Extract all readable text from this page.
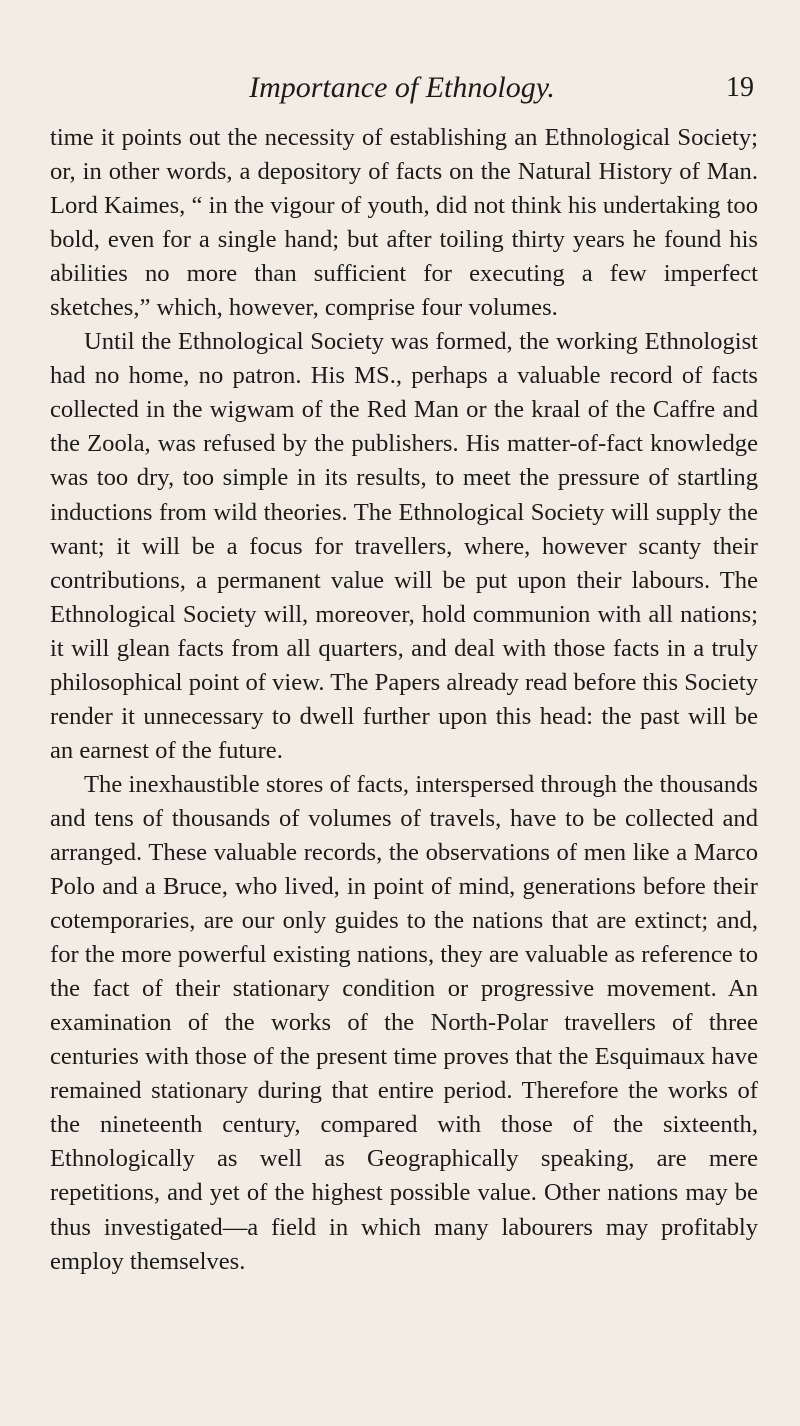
Importance of Ethnology.	19

time it points out the necessity of establishing an Ethnological Society; or, in other words, a depository of facts on the Natural History of Man. Lord Kaimes, “ in the vigour of youth, did not think his undertaking too bold, even for a single hand; but after toiling thirty years he found his abilities no more than sufficient for executing a few imperfect sketches,” which, however, comprise four volumes.

Until the Ethnological Society was formed, the working Ethnologist had no home, no patron. His MS., perhaps a valuable record of facts collected in the wigwam of the Red Man or the kraal of the Caffre and the Zoola, was refused by the publishers. His matter-of-fact knowledge was too dry, too simple in its results, to meet the pressure of startling inductions from wild theories. The Ethnological Society will supply the want; it will be a focus for travellers, where, however scanty their contributions, a permanent value will be put upon their labours. The Ethnological Society will, moreover, hold communion with all nations; it will glean facts from all quarters, and deal with those facts in a truly philosophical point of view. The Papers already read before this Society render it unnecessary to dwell further upon this head: the past will be an earnest of the future.

The inexhaustible stores of facts, interspersed through the thousands and tens of thousands of volumes of travels, have to be collected and arranged. These valuable records, the observations of men like a Marco Polo and a Bruce, who lived, in point of mind, generations before their cotemporaries, are our only guides to the nations that are extinct; and, for the more powerful existing nations, they are valuable as reference to the fact of their stationary condition or progressive movement. An examination of the works of the North-Polar travellers of three centuries with those of the present time proves that the Esquimaux have remained stationary during that entire period. Therefore the works of the nineteenth century, compared with those of the sixteenth, Ethnologically as well as Geographically speaking, are mere repetitions, and yet of the highest possible value. Other nations may be thus investigated—a field in which many labourers may profitably employ themselves.
